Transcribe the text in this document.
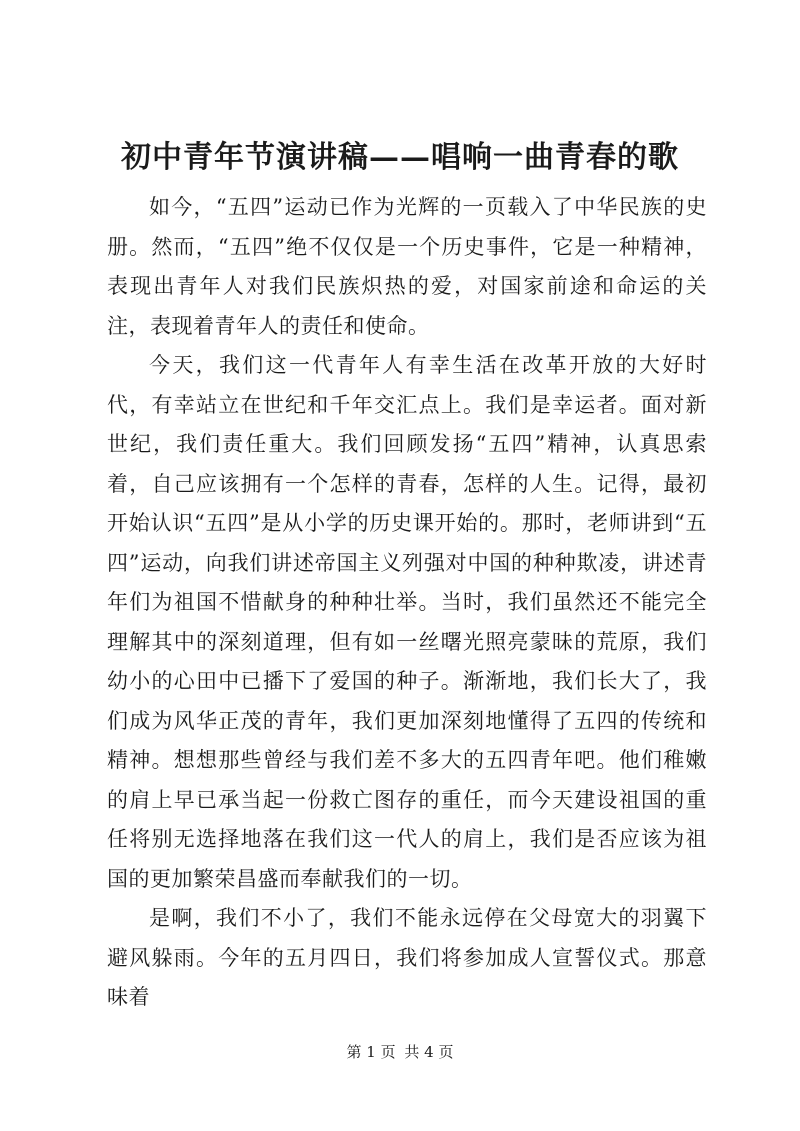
初中青年节演讲稿——唱响一曲青春的歌

如今，“五四”运动已作为光辉的一页载入了中华民族的史册。然而，“五四”绝不仅仅是一个历史事件，它是一种精神，表现出青年人对我们民族炽热的爱，对国家前途和命运的关注，表现着青年人的责任和使命。

今天，我们这一代青年人有幸生活在改革开放的大好时代，有幸站立在世纪和千年交汇点上。我们是幸运者。面对新世纪，我们责任重大。我们回顾发扬“五四”精神，认真思索着，自己应该拥有一个怎样的青春，怎样的人生。记得，最初开始认识“五四”是从小学的历史课开始的。那时，老师讲到“五四”运动，向我们讲述帝国主义列强对中国的种种欺凌，讲述青年们为祖国不惜献身的种种壮举。当时，我们虽然还不能完全理解其中的深刻道理，但有如一丝曙光照亮蒙昧的荒原，我们幼小的心田中已播下了爱国的种子。渐渐地，我们长大了，我们成为风华正茂的青年，我们更加深刻地懂得了五四的传统和精神。想想那些曾经与我们差不多大的五四青年吧。他们稚嫩的肩上早已承当起一份救亡图存的重任，而今天建设祖国的重任将别无选择地落在我们这一代人的肩上，我们是否应该为祖国的更加繁荣昌盛而奉献我们的一切。

是啊，我们不小了，我们不能永远停在父母宽大的羽翼下避风躲雨。今年的五月四日，我们将参加成人宣誓仪式。那意味着

第 1 页 共 4 页
